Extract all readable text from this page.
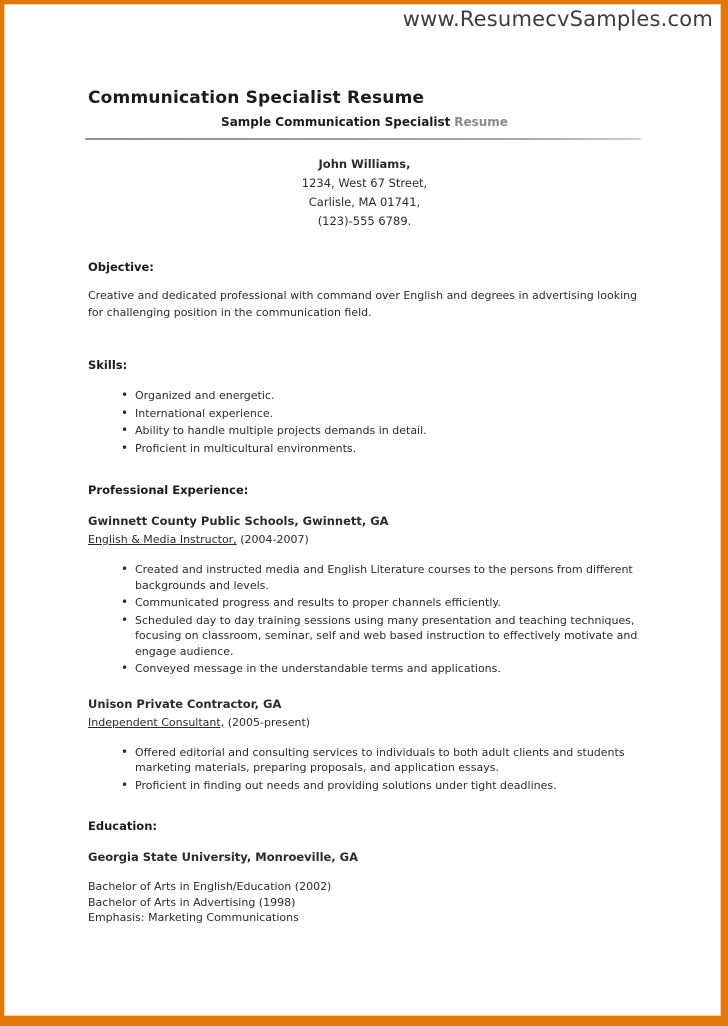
www.ResumecvSamples.com
Communication Specialist Resume
Sample Communication Specialist Resume
John Williams,
1234, West 67 Street,
Carlisle, MA 01741,
(123)-555 6789.
Objective:
Creative and dedicated professional with command over English and degrees in advertising looking for challenging position in the communication field.
Skills:
• Organized and energetic.
• International experience.
• Ability to handle multiple projects demands in detail.
• Proficient in multicultural environments.
Professional Experience:
Gwinnett County Public Schools, Gwinnett, GA
English & Media Instructor, (2004-2007)
• Created and instructed media and English Literature courses to the persons from different backgrounds and levels.
• Communicated progress and results to proper channels efficiently.
• Scheduled day to day training sessions using many presentation and teaching techniques, focusing on classroom, seminar, self and web based instruction to effectively motivate and engage audience.
• Conveyed message in the understandable terms and applications.
Unison Private Contractor, GA
Independent Consultant, (2005-present)
• Offered editorial and consulting services to individuals to both adult clients and students marketing materials, preparing proposals, and application essays.
• Proficient in finding out needs and providing solutions under tight deadlines.
Education:
Georgia State University, Monroeville, GA
Bachelor of Arts in English/Education (2002)
Bachelor of Arts in Advertising (1998)
Emphasis: Marketing Communications
